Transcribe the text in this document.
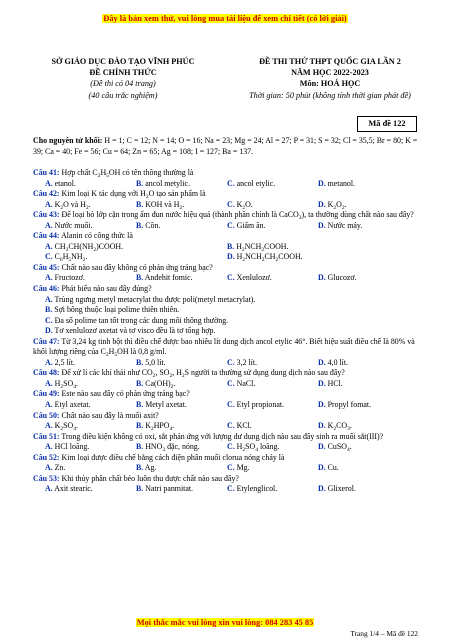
Đây là bản xem thử, vui lòng mua tài liệu để xem chi tiết (có lời giải)
SỞ GIÁO DỤC ĐÀO TẠO VĨNH PHÚC
ĐỀ CHÍNH THỨC
(Đề thi có 04 trang)
(40 câu trắc nghiệm)
ĐỀ THI THỬ THPT QUỐC GIA LẦN 2
NĂM HỌC 2022-2023
Môn: HOÁ HỌC
Thời gian: 50 phút (không tính thời gian phát đề)
Mã đề 122
Cho nguyên tử khối: H = 1; C = 12; N = 14; O = 16; Na = 23; Mg = 24; Al = 27; P = 31; S = 32; Cl = 35,5; Br = 80; K = 39; Ca = 40; Fe = 56; Cu = 64; Zn = 65; Ag = 108; I = 127; Ba = 137.
Câu 41: Hợp chất $C_2H_5OH$ có tên thông thường là
A. etanol.	B. ancol metylic.	C. ancol etylic.	D. metanol.
Câu 42: Kim loại K tác dụng với $H_2O$ tạo sản phẩm là
A. $K_2O$ và $H_2$.	B. KOH và $H_2$.	C. $K_2O$.	D. $K_2O_2$.
Câu 43: Để loại bỏ lớp cặn trong ấm đun nước hiệu quả (thành phần chính là CaCO$_3$), ta thường dùng chất nào sau đây?
A. Nước muối.	B. Cồn.	C. Giấm ăn.	D. Nước máy.
Câu 44: Alanin có công thức là
A. $CH_3CH(NH_2)COOH$.	B. $H_2NCH_2COOH$.
C. $C_6H_5NH_2$.	D. $H_2NCH_2CH_2COOH$.
Câu 45: Chất nào sau đây không có phản ứng tráng bạc?
A. Fructozơ.	B. Anđehit fomic.	C. Xenlulozơ.	D. Glucozơ.
Câu 46: Phát biểu nào sau đây đúng?
A. Trùng ngưng metyl metacrylat thu được poli(metyl metacrylat).
B. Sợi bông thuộc loại polime thiên nhiên.
C. Đa số polime tan tốt trong các dung môi thông thường.
D. Tơ xenlulozơ axetat và tơ visco đều là tơ tổng hợp.
Câu 47: Từ 3,24 kg tinh bột thì điều chế được bao nhiêu lít dung dịch ancol etylic 46°. Biết hiệu suất điều chế là 80% và khối lượng riêng của $C_2H_5OH$ là 0,8 g/ml.
A. 2,5 lít.	B. 5,0 lít.	C. 3,2 lít.	D. 4,0 lít.
Câu 48: Để xử lí các khí thải như $CO_2$, $SO_2$, $H_2S$ người ta thường sử dụng dung dịch nào sau đây?
A. $H_2SO_4$.	B. $Ca(OH)_2$.	C. NaCl.	D. HCl.
Câu 49: Este nào sau đây có phản ứng tráng bạc?
A. Etyl axetat.	B. Metyl axetat.	C. Etyl propionat.	D. Propyl fomat.
Câu 50: Chất nào sau đây là muối axit?
A. $K_2SO_4$.	B. $K_2HPO_4$.	C. KCl.	D. $K_2CO_3$.
Câu 51: Trong điều kiện không có oxi, sắt phản ứng với lượng dư dung dịch nào sau đây sinh ra muối sắt(III)?
A. HCl loãng.	B. $HNO_3$ đặc, nóng.	C. $H_2SO_4$ loãng.	D. CuSO$_4$.
Câu 52: Kim loại được điều chế bằng cách điện phân muối clorua nóng chảy là
A. Zn.	B. Ag.	C. Mg.	D. Cu.
Câu 53: Khi thủy phân chất béo luôn thu được chất nào sau đây?
A. Axit stearic.	B. Natri panmitat.	C. Etylenglicol.	D. Glixerol.
Mọi thắc mắc vui lòng xin vui lòng: 084 283 45 85
Trang 1/4 – Mã đề 122
